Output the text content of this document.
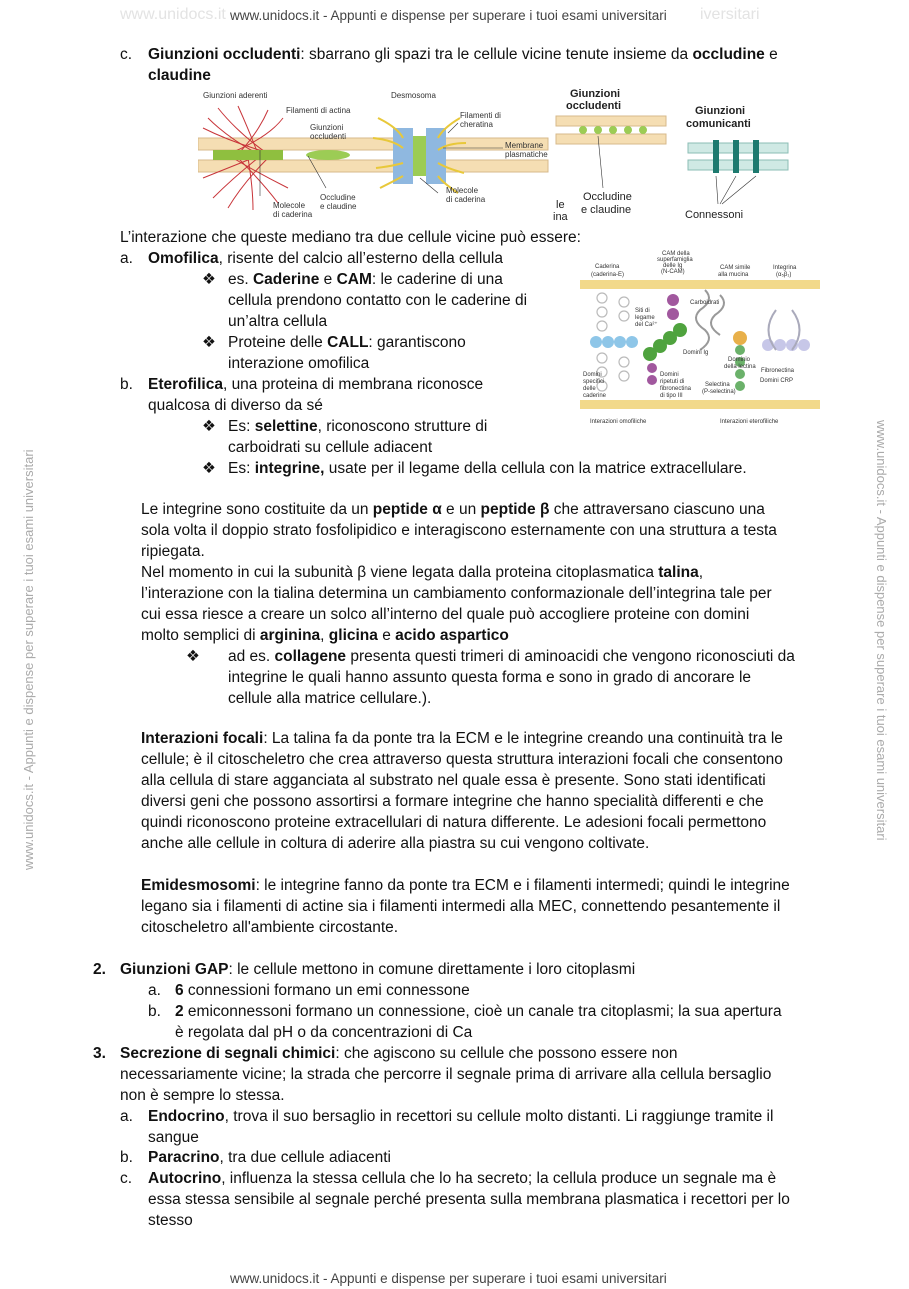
www.unidocs.it www.unidocs.it - Appunti e dispense per superare i tuoi esami universitari iversitari
www.unidocs.it - Appunti e dispense per superare i tuoi esami universitari	www.unidocs.it - Appunti e dispense per superare i tuoi esami universitari
c. Giunzioni occludenti: sbarrano gli spazi tra le cellule vicine tenute insieme da occludine e
claudine
Giunzioni aderenti
Filamenti di actina
Giunzioni
occludenti
Desmosoma
Filamenti di
cheratina
Membrane
plasmatiche
Molecole
di caderina
Occludine
e claudine
Molecole
di caderina
Giunzioni
occludenti
Occludine
e claudine
le
ina
Giunzioni
comunicanti
Connessoni
L’interazione che queste mediano tra due cellule vicine può essere:
a. Omofilica, risente del calcio all’esterno della cellula
❖ es. Caderine e CAM: le caderine di una
cellula prendono contatto con le caderine di
un’altra cellula
❖ Proteine delle CALL: garantiscono
interazione omofilica
b. Eterofilica, una proteina di membrana riconosce
qualcosa di diverso da sé
❖ Es: selettine, riconoscono strutture di
carboidrati su cellule adiacent
❖ Es: integrine, usate per il legame della cellula con la matrice extracellulare.
Caderina
(caderina-E)
CAM della
superfamiglia
delle Ig
(N-CAM)
CAM simile
alla mucina
Integrina
(α₅β₁)
Siti di
legame
del Ca²⁺
Carboidrati
Domini Ig
Dominio
della lectina
Fibronectina
Domini
specifici
delle
caderine
Domini
ripetuti di
fibronectina
di tipo III
Selectina
(P-selectina)
Domini CRP
Interazioni omofiliche	Interazioni eterofiliche
Le integrine sono costituite da un peptide α e un peptide β che attraversano ciascuno una
sola volta il doppio strato fosfolipidico e interagiscono esternamente con una struttura a testa
ripiegata.
Nel momento in cui la subunità β viene legata dalla proteina citoplasmatica talina,
l’interazione con la tialina determina un cambiamento conformazionale dell’integrina tale per
cui essa riesce a creare un solco all’interno del quale può accogliere proteine con domini
molto semplici di arginina, glicina e acido aspartico
❖ ad es. collagene presenta questi trimeri di aminoacidi che vengono riconosciuti da
integrine le quali hanno assunto questa forma e sono in grado di ancorare le
cellule alla matrice cellulare.).
Interazioni focali: La talina fa da ponte tra la ECM e le integrine creando una continuità tra le
cellule; è il citoscheletro che crea attraverso questa struttura interazioni focali che consentono
alla cellula di stare agganciata al substrato nel quale essa è presente. Sono stati identificati
diversi geni che possono assortirsi a formare integrine che hanno specialità differenti e che
quindi riconoscono proteine extracellulari di natura differente. Le adesioni focali permettono
anche alle cellule in coltura di aderire alla piastra su cui vengono coltivate.
Emidesmosomi: le integrine fanno da ponte tra ECM e i filamenti intermedi; quindi le integrine
legano sia i filamenti di actine sia i filamenti intermedi alla MEC, connettendo pesantemente il
citoscheletro all'ambiente circostante.
2. Giunzioni GAP: le cellule mettono in comune direttamente i loro citoplasmi
a. 6 connessioni formano un emi connessone
b. 2 emiconnessoni formano un connessione, cioè un canale tra citoplasmi; la sua apertura
è regolata dal pH o da concentrazioni di Ca
3. Secrezione di segnali chimici: che agiscono su cellule che possono essere non
necessariamente vicine; la strada che percorre il segnale prima di arrivare alla cellula bersaglio
non è sempre lo stessa.
a. Endocrino, trova il suo bersaglio in recettori su cellule molto distanti. Li raggiunge tramite il
sangue
b. Paracrino, tra due cellule adiacenti
c. Autocrino, influenza la stessa cellula che lo ha secreto; la cellula produce un segnale ma è
essa stessa sensibile al segnale perché presenta sulla membrana plasmatica i recettori per lo
stesso
www.unidocs.it - Appunti e dispense per superare i tuoi esami universitari
